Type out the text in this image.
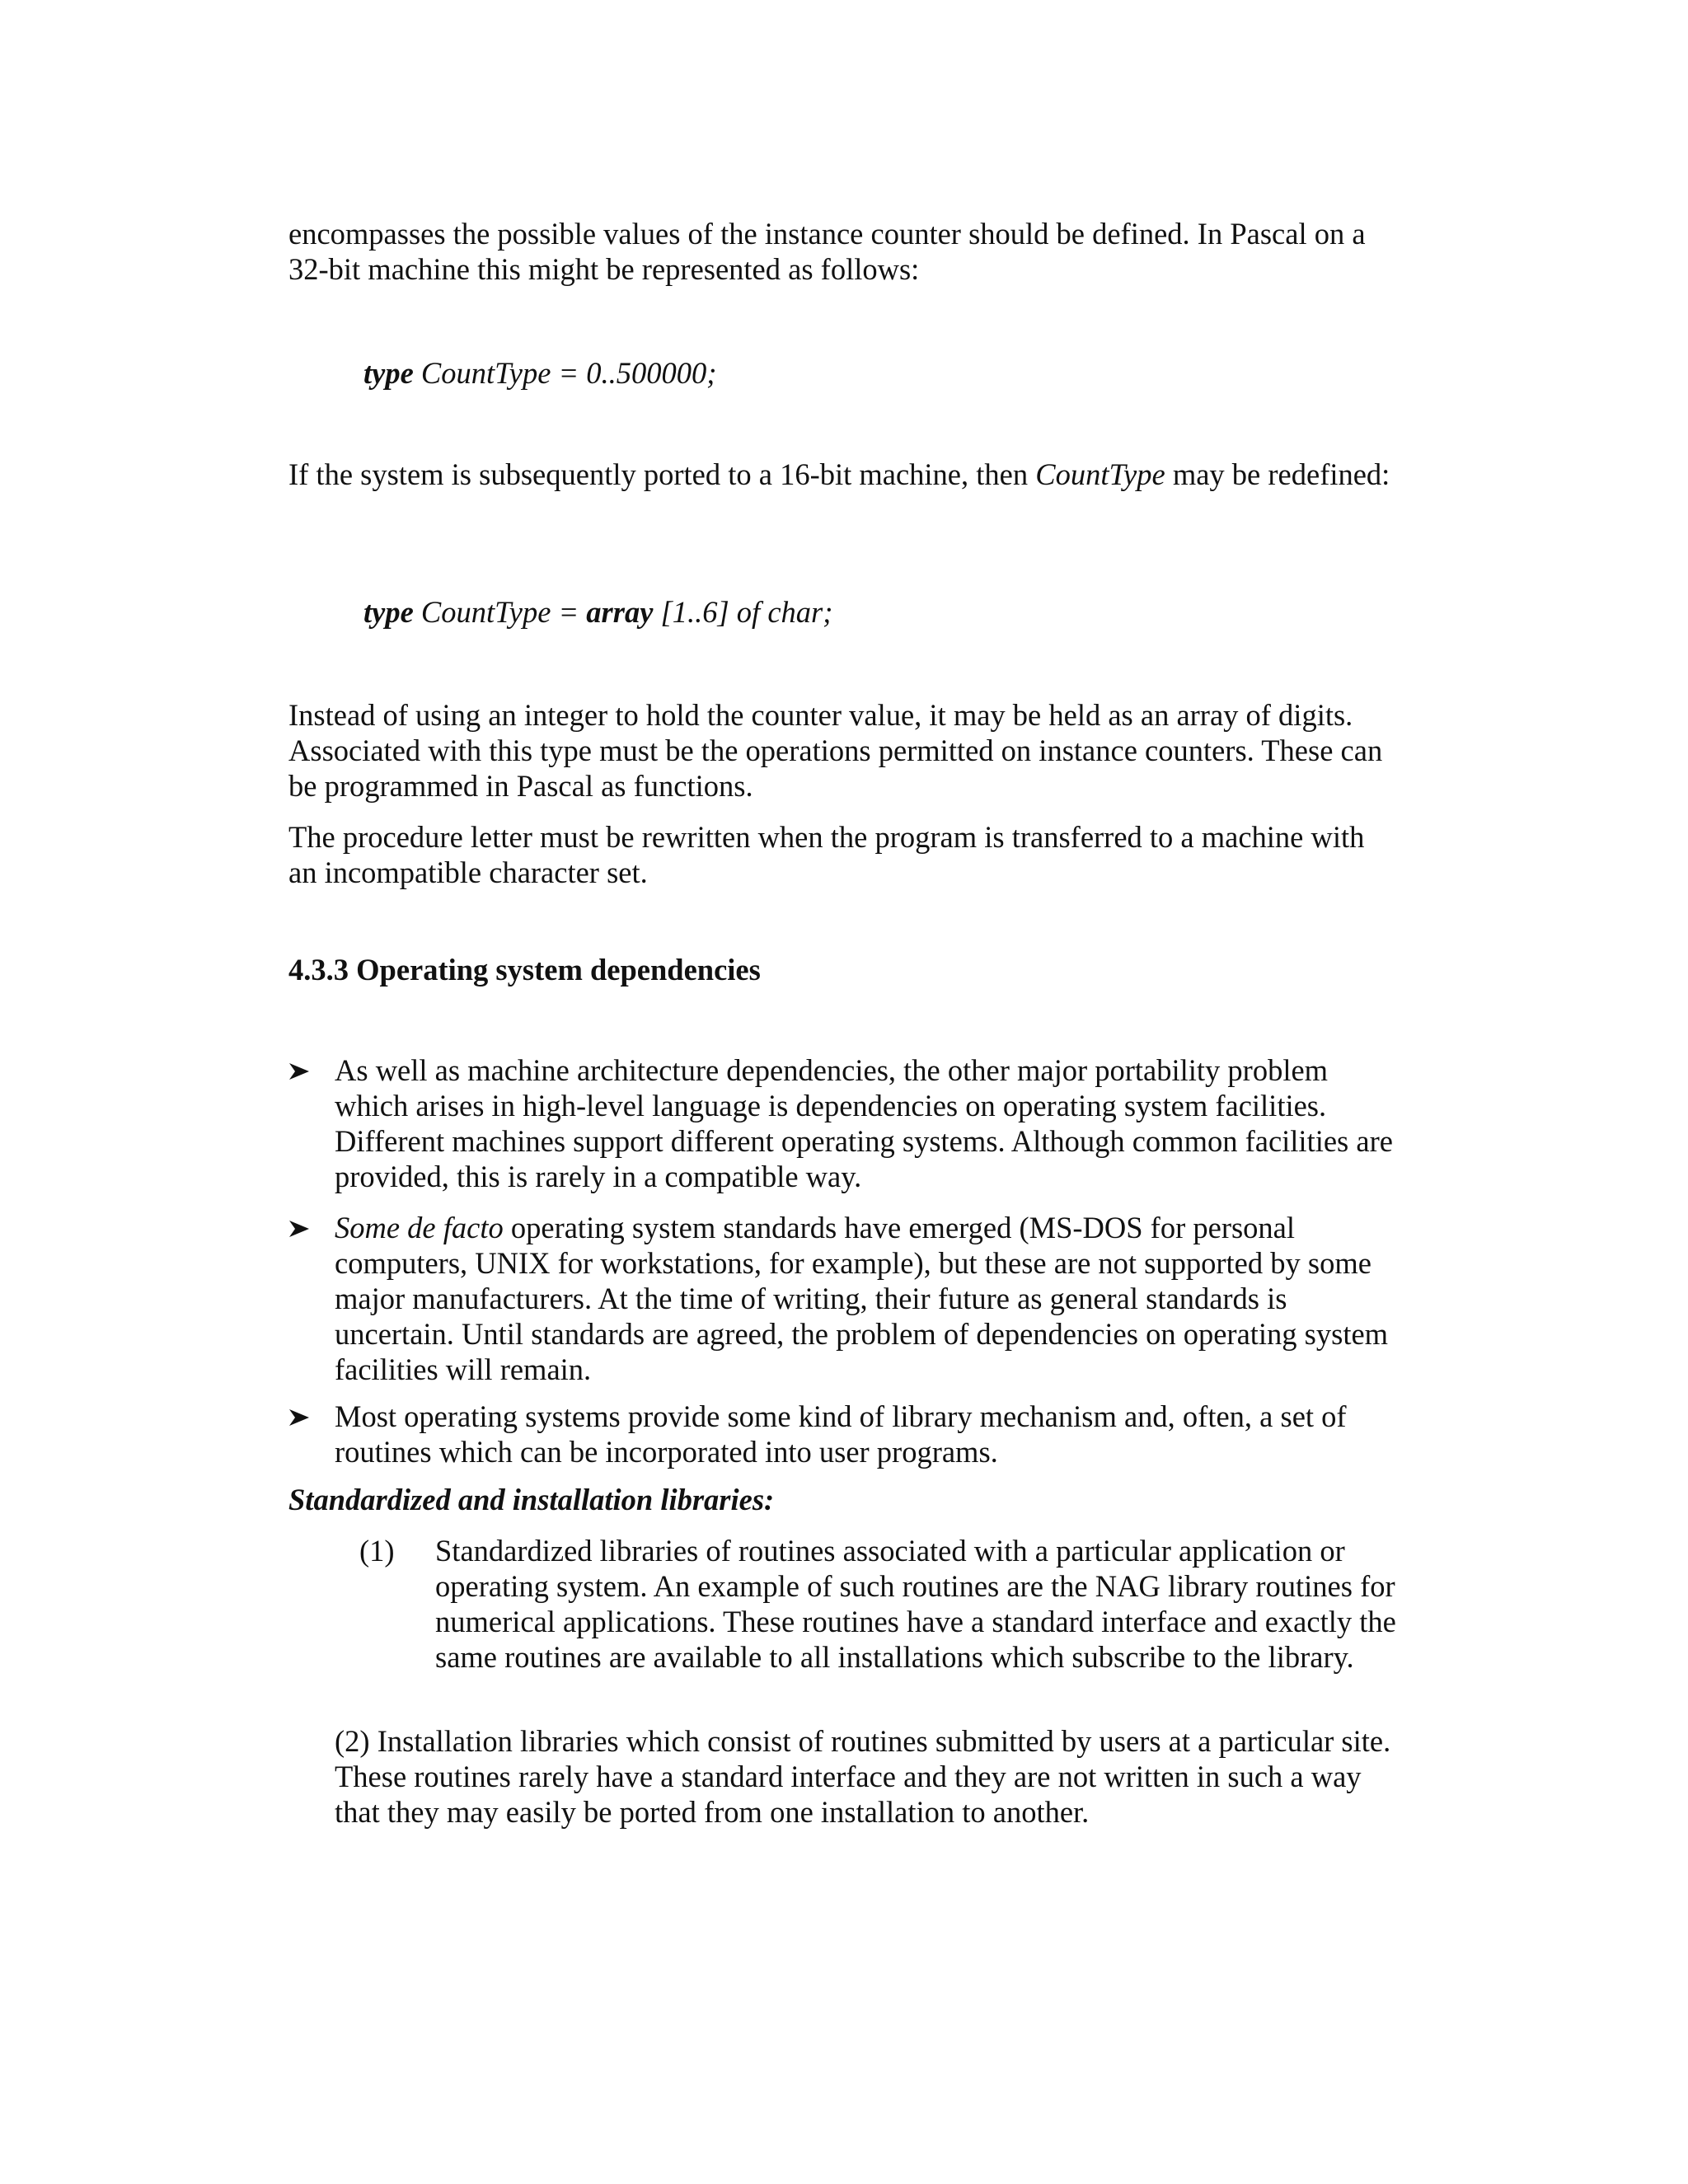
encompasses the possible values of the instance counter should be defined. In Pascal on a 32-bit machine this might be represented as follows:

type CountType = 0..500000;

If the system is subsequently ported to a 16-bit machine, then CountType may be redefined:

type CountType = array [1..6] of char;

Instead of using an integer to hold the counter value, it may be held as an array of digits. Associated with this type must be the operations permitted on instance counters. These can be programmed in Pascal as functions.

The procedure letter must be rewritten when the program is transferred to a machine with an incompatible character set.

4.3.3 Operating system dependencies

As well as machine architecture dependencies, the other major portability problem which arises in high-level language is dependencies on operating system facilities. Different machines support different operating systems. Although common facilities are provided, this is rarely in a compatible way.
Some de facto operating system standards have emerged (MS-DOS for personal computers, UNIX for workstations, for example), but these are not supported by some major manufacturers. At the time of writing, their future as general standards is uncertain. Until standards are agreed, the problem of dependencies on operating system facilities will remain.
Most operating systems provide some kind of library mechanism and, often, a set of routines which can be incorporated into user programs.

Standardized and installation libraries:

(1) Standardized libraries of routines associated with a particular application or operating system. An example of such routines are the NAG library routines for numerical applications. These routines have a standard interface and exactly the same routines are available to all installations which subscribe to the library.
(2) Installation libraries which consist of routines submitted by users at a particular site. These routines rarely have a standard interface and they are not written in such a way that they may easily be ported from one installation to another.
